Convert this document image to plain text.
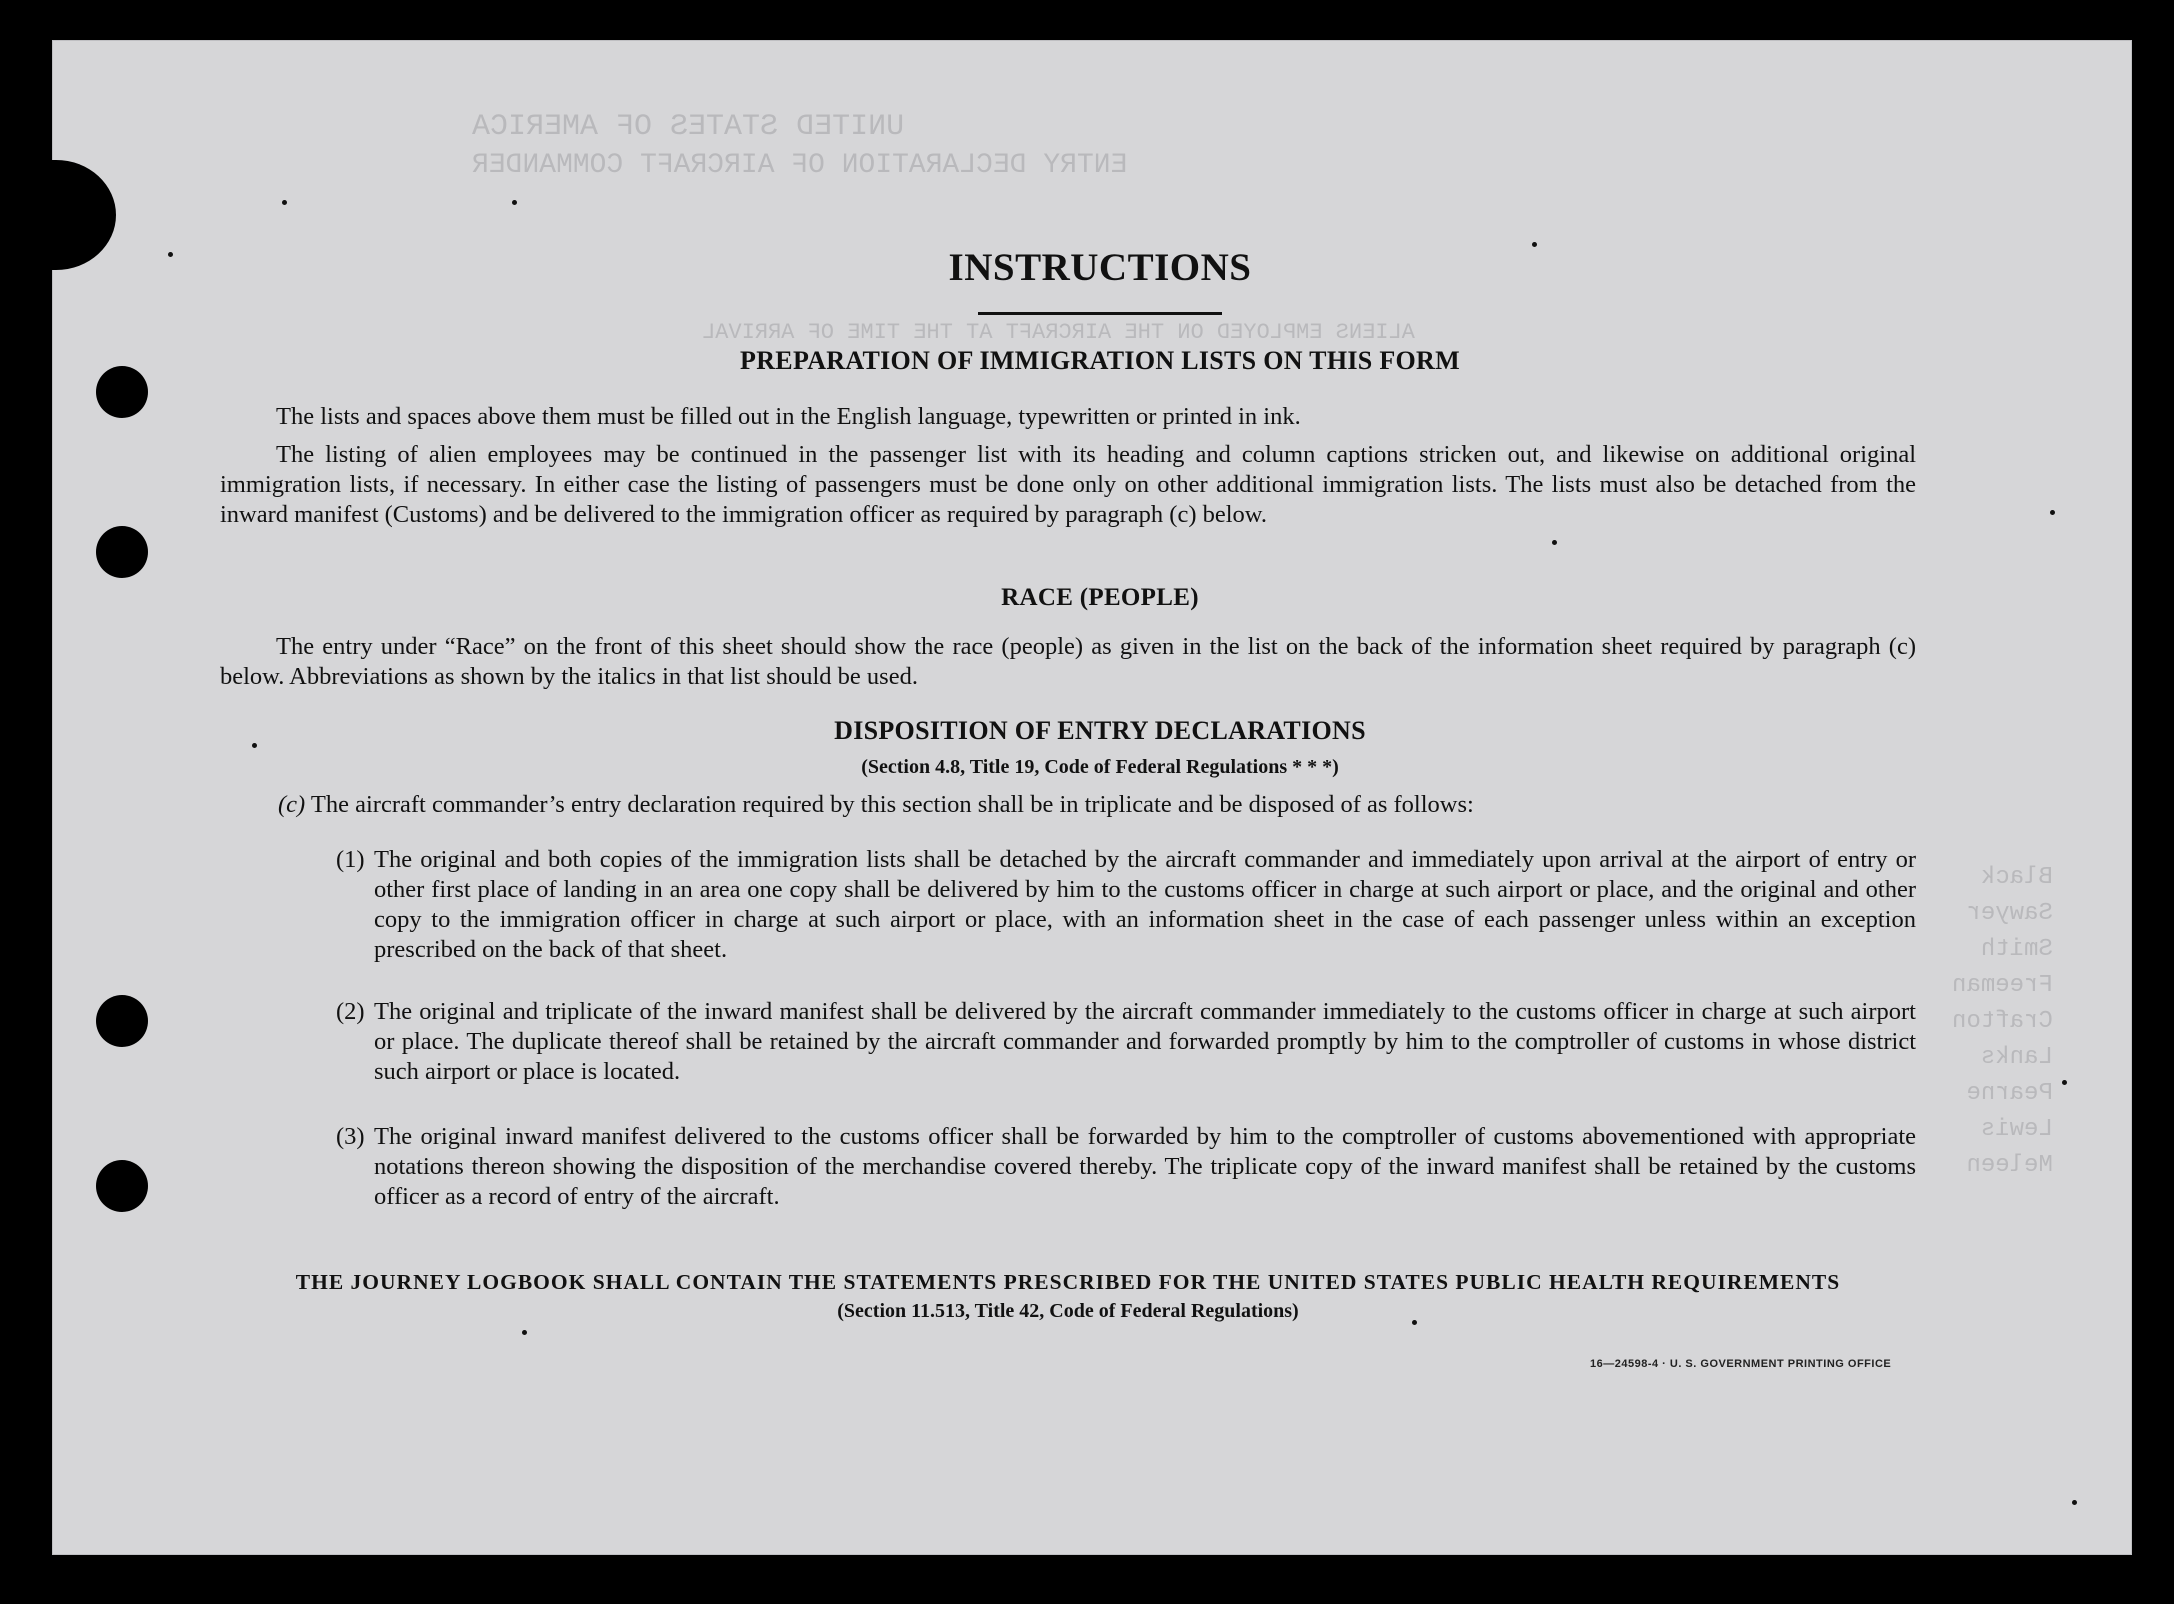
UNITED STATES OF AMERICA
ENTRY DECLARATION OF AIRCRAFT COMMANDER
ALIENS EMPLOYED ON THE AIRCRAFT AT THE TIME OF ARRIVAL
Black
Sawyer
Smith
Freeman
Crafton
Lanks
Pearne
Lewis
Meleen
INSTRUCTIONS
PREPARATION OF IMMIGRATION LISTS ON THIS FORM

The lists and spaces above them must be filled out in the English language, typewritten or printed in ink.

The listing of alien employees may be continued in the passenger list with its heading and column captions stricken out, and likewise on additional original immigration lists, if necessary. In either case the listing of passengers must be done only on other additional immigration lists. The lists must also be detached from the inward manifest (Customs) and be delivered to the immigration officer as required by paragraph (c) below.

RACE (PEOPLE)

The entry under “Race” on the front of this sheet should show the race (people) as given in the list on the back of the information sheet required by paragraph (c) below. Abbreviations as shown by the italics in that list should be used.

DISPOSITION OF ENTRY DECLARATIONS

(Section 4.8, Title 19, Code of Federal Regulations * * *)

(c) The aircraft commander’s entry declaration required by this section shall be in triplicate and be disposed of as follows:

(1) The original and both copies of the immigration lists shall be detached by the aircraft commander and immediately upon arrival at the airport of entry or other first place of landing in an area one copy shall be delivered by him to the customs officer in charge at such airport or place, and the original and other copy to the immigration officer in charge at such airport or place, with an information sheet in the case of each passenger unless within an exception prescribed on the back of that sheet.
(2) The original and triplicate of the inward manifest shall be delivered by the aircraft commander immediately to the customs officer in charge at such airport or place. The duplicate thereof shall be retained by the aircraft commander and forwarded promptly by him to the comptroller of customs in whose district such airport or place is located.
(3) The original inward manifest delivered to the customs officer shall be forwarded by him to the comptroller of customs abovementioned with appropriate notations thereon showing the disposition of the merchandise covered thereby. The triplicate copy of the inward manifest shall be retained by the customs officer as a record of entry of the aircraft.
THE JOURNEY LOGBOOK SHALL CONTAIN THE STATEMENTS PRESCRIBED FOR THE UNITED STATES PUBLIC HEALTH REQUIREMENTS

(Section 11.513, Title 42, Code of Federal Regulations)

16—24598-4 · U. S. GOVERNMENT PRINTING OFFICE
